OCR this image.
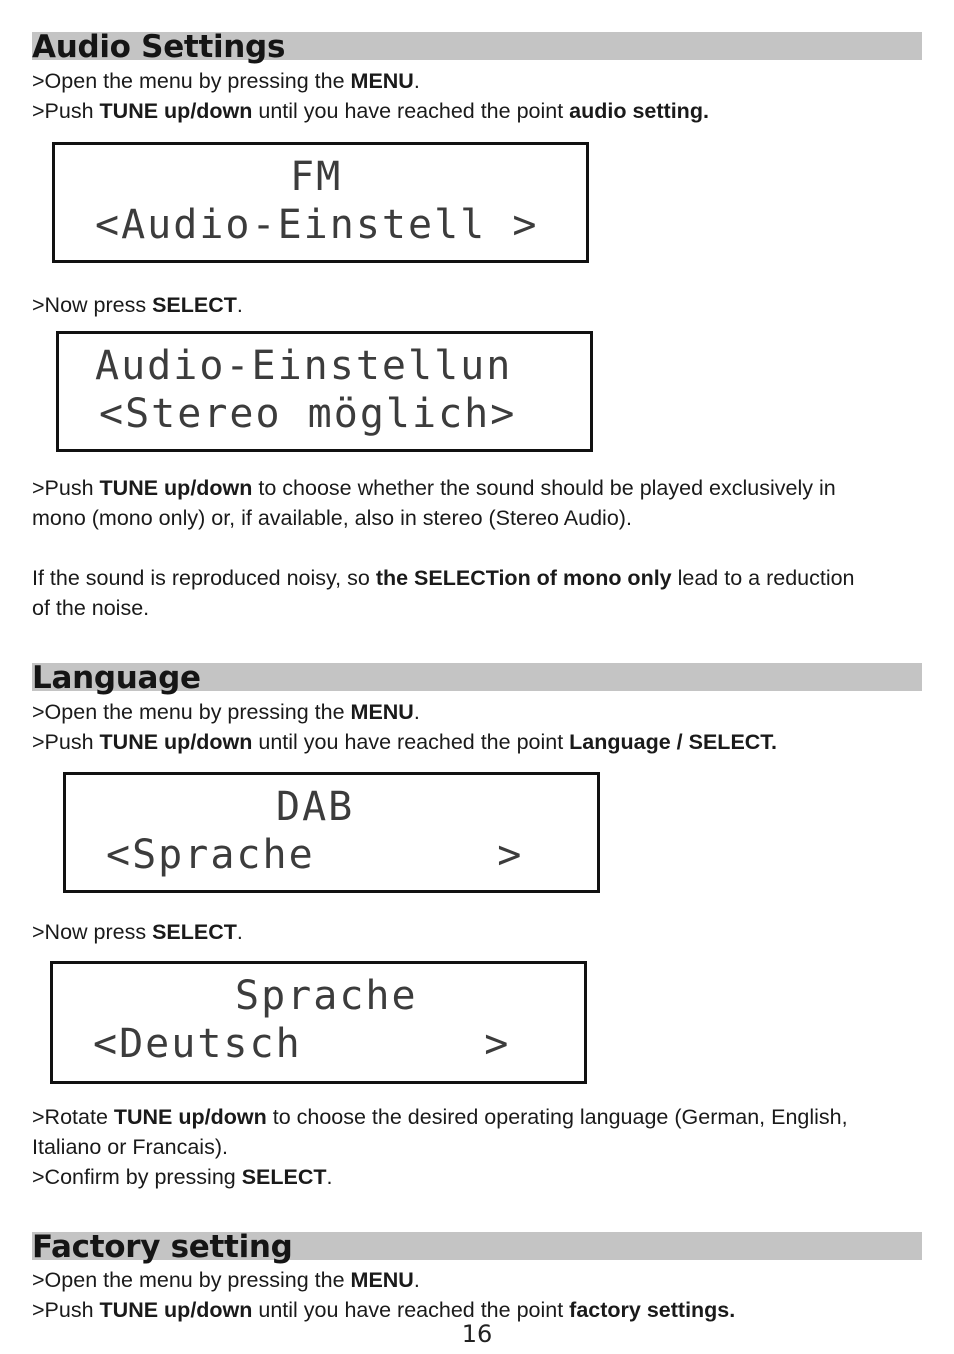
Audio Settings
>Open the menu by pressing the MENU.
>Push TUNE up/down until you have reached the point audio setting.
FM
<Audio-Einstell >
>Now press SELECT.
Audio-Einstellun
<Stereo möglich>
>Push TUNE up/down to choose whether the sound should be played exclusively in
mono (mono only) or, if available, also in stereo (Stereo Audio).
If the sound is reproduced noisy, so the SELECTion of mono only lead to a reduction
of the noise.
Language
>Open the menu by pressing the MENU.
>Push TUNE up/down until you have reached the point Language / SELECT.
DAB
<Sprache       >
>Now press SELECT.
Sprache
<Deutsch       >
>Rotate TUNE up/down to choose the desired operating language (German, English,
Italiano or Francais).
>Confirm by pressing SELECT.
Factory setting
>Open the menu by pressing the MENU.
>Push TUNE up/down until you have reached the point factory settings.
16
